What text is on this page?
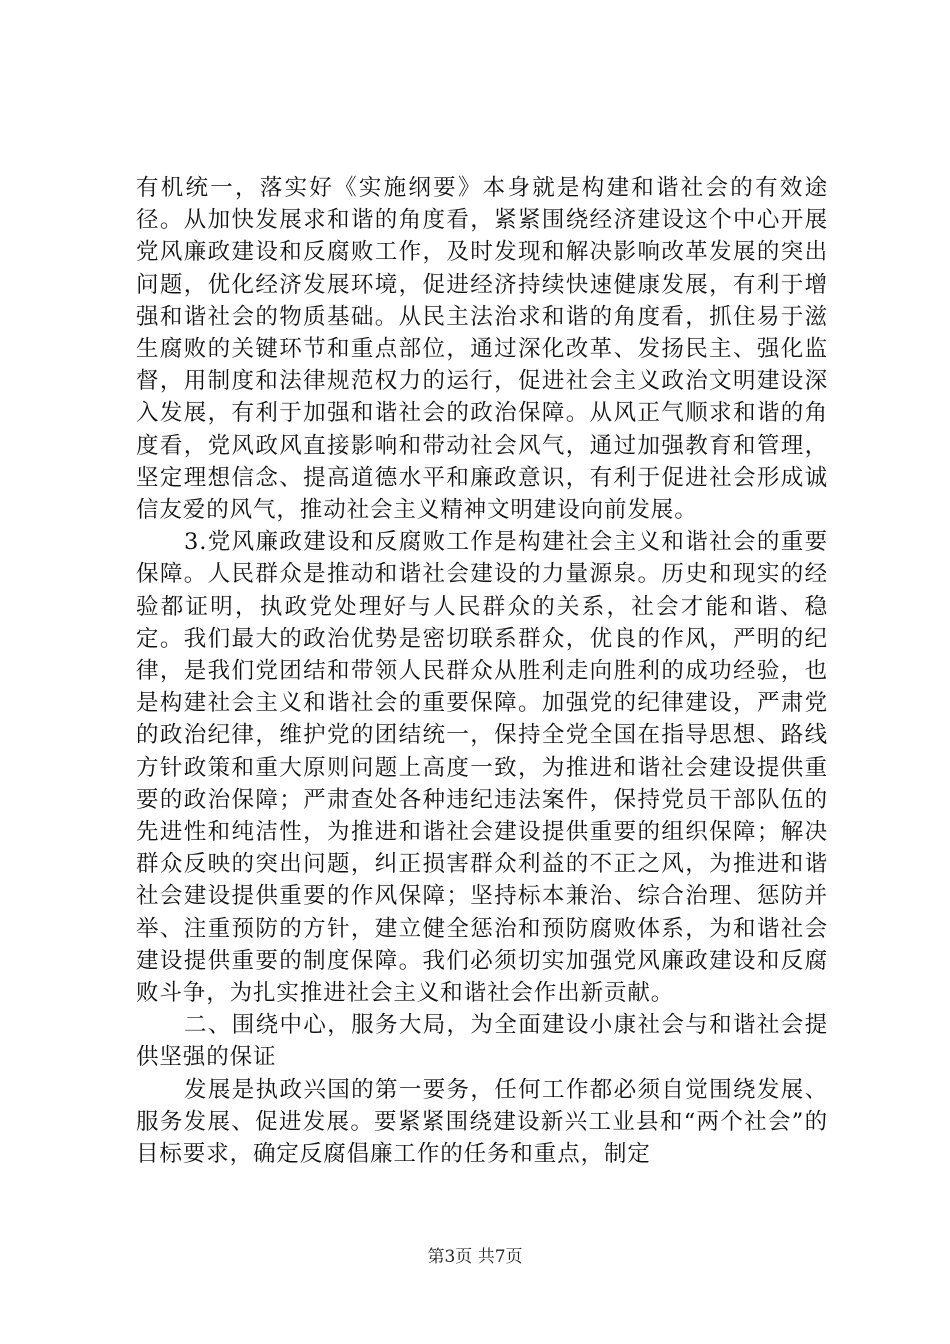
有机统一，落实好《实施纲要》本身就是构建和谐社会的有效途径。从加快发展求和谐的角度看，紧紧围绕经济建设这个中心开展党风廉政建设和反腐败工作，及时发现和解决影响改革发展的突出问题，优化经济发展环境，促进经济持续快速健康发展，有利于增强和谐社会的物质基础。从民主法治求和谐的角度看，抓住易于滋生腐败的关键环节和重点部位，通过深化改革、发扬民主、强化监督，用制度和法律规范权力的运行，促进社会主义政治文明建设深入发展，有利于加强和谐社会的政治保障。从风正气顺求和谐的角度看，党风政风直接影响和带动社会风气，通过加强教育和管理，坚定理想信念、提高道德水平和廉政意识，有利于促进社会形成诚信友爱的风气，推动社会主义精神文明建设向前发展。

3.党风廉政建设和反腐败工作是构建社会主义和谐社会的重要保障。人民群众是推动和谐社会建设的力量源泉。历史和现实的经验都证明，执政党处理好与人民群众的关系，社会才能和谐、稳定。我们最大的政治优势是密切联系群众，优良的作风，严明的纪律，是我们党团结和带领人民群众从胜利走向胜利的成功经验，也是构建社会主义和谐社会的重要保障。加强党的纪律建设，严肃党的政治纪律，维护党的团结统一，保持全党全国在指导思想、路线方针政策和重大原则问题上高度一致，为推进和谐社会建设提供重要的政治保障；严肃查处各种违纪违法案件，保持党员干部队伍的先进性和纯洁性，为推进和谐社会建设提供重要的组织保障；解决群众反映的突出问题，纠正损害群众利益的不正之风，为推进和谐社会建设提供重要的作风保障；坚持标本兼治、综合治理、惩防并举、注重预防的方针，建立健全惩治和预防腐败体系，为和谐社会建设提供重要的制度保障。我们必须切实加强党风廉政建设和反腐败斗争，为扎实推进社会主义和谐社会作出新贡献。

二、围绕中心，服务大局，为全面建设小康社会与和谐社会提供坚强的保证

发展是执政兴国的第一要务，任何工作都必须自觉围绕发展、服务发展、促进发展。要紧紧围绕建设新兴工业县和“两个社会”的目标要求，确定反腐倡廉工作的任务和重点，制定

第3页 共7页
